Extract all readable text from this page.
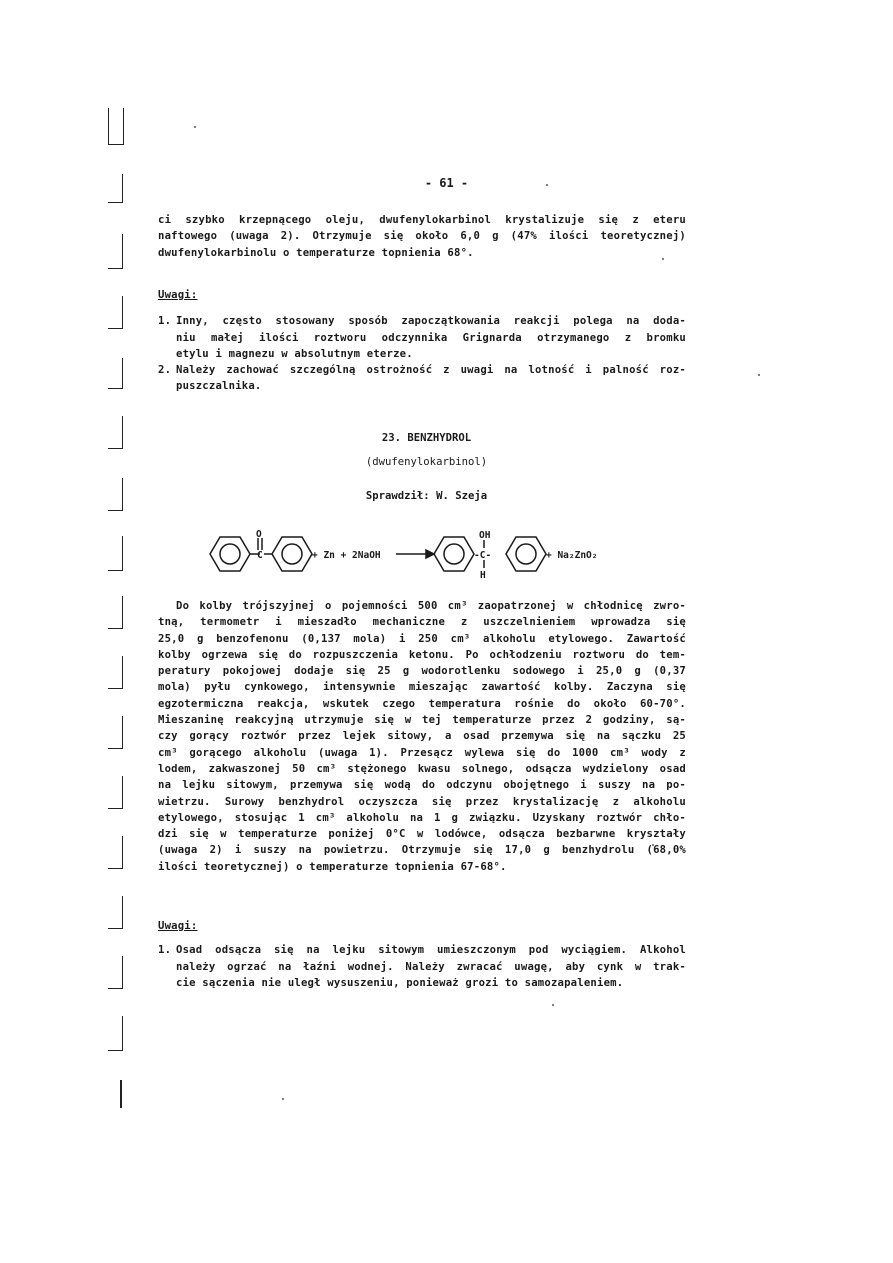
- 61 -
ci szybko krzepnącego oleju, dwufenylokarbinol krystalizuje się z eteru
naftowego (uwaga 2). Otrzymuje się około 6,0 g (47% ilości teoretycznej)
dwufenylokarbinolu o temperaturze topnienia 68°.
Uwagi:
1. Inny, często stosowany sposób zapoczątkowania reakcji polega na doda-
niu małej ilości roztworu odczynnika Grignarda otrzymanego z bromku
etylu i magnezu w absolutnym eterze.
2. Należy zachować szczególną ostrożność z uwagi na lotność i palność roz-
puszczalnika.
23. BENZHYDROL
(dwufenylokarbinol)
Sprawdził: W. Szeja
O
C	+ Zn + 2NaOH
OH
-C-
H
+ Na₂ZnO₂
Do kolby trójszyjnej o pojemności 500 cm³ zaopatrzonej w chłodnicę zwro-
tną, termometr i mieszadło mechaniczne z uszczelnieniem wprowadza się
25,0 g benzofenonu (0,137 mola) i 250 cm³ alkoholu etylowego. Zawartość
kolby ogrzewa się do rozpuszczenia ketonu. Po ochłodzeniu roztworu do tem-
peratury pokojowej dodaje się 25 g wodorotlenku sodowego i 25,0 g (0,37
mola) pyłu cynkowego, intensywnie mieszając zawartość kolby. Zaczyna się
egzotermiczna reakcja, wskutek czego temperatura rośnie do około 60-70°.
Mieszaninę reakcyjną utrzymuje się w tej temperaturze przez 2 godziny, są-
czy gorący roztwór przez lejek sitowy, a osad przemywa się na sączku 25
cm³ gorącego alkoholu (uwaga 1). Przesącz wylewa się do 1000 cm³ wody z
lodem, zakwaszonej 50 cm³ stężonego kwasu solnego, odsącza wydzielony osad
na lejku sitowym, przemywa się wodą do odczynu obojętnego i suszy na po-
wietrzu. Surowy benzhydrol oczyszcza się przez krystalizację z alkoholu
etylowego, stosując 1 cm³ alkoholu na 1 g związku. Uzyskany roztwór chło-
dzi się w temperaturze poniżej 0°C w lodówce, odsącza bezbarwne kryształy
(uwaga 2) i suszy na powietrzu. Otrzymuje się 17,0 g benzhydrolu (68,0%
ilości teoretycznej) o temperaturze topnienia 67-68°.
Uwagi:
1. Osad odsącza się na lejku sitowym umieszczonym pod wyciągiem. Alkohol
należy ogrzać na łaźni wodnej. Należy zwracać uwagę, aby cynk w trak-
cie sączenia nie uległ wysuszeniu, ponieważ grozi to samozapaleniem.
